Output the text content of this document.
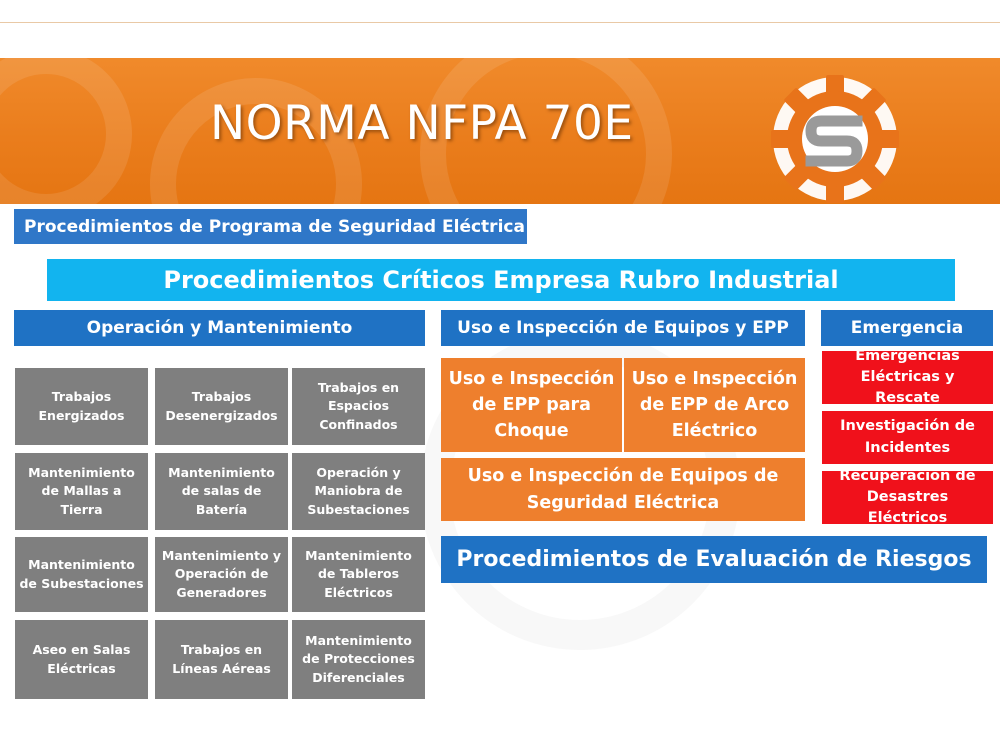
NORMA NFPA 70E
Procedimientos de Programa de Seguridad Eléctrica
Procedimientos Críticos Empresa Rubro Industrial
Operación y Mantenimiento	Uso e Inspección de Equipos y EPP	Emergencia
Trabajos Energizados
Trabajos Desenergizados
Trabajos en Espacios Confinados
Mantenimiento de Mallas a Tierra
Mantenimiento de salas de Batería
Operación y Maniobra de Subestaciones
Mantenimiento de Subestaciones
Mantenimiento y Operación de Generadores
Mantenimiento de Tableros Eléctricos
Aseo en Salas Eléctricas
Trabajos en Líneas Aéreas
Mantenimiento de Protecciones Diferenciales
Uso e Inspección de EPP para Choque
Uso e Inspección de EPP de Arco Eléctrico
Uso e Inspección de Equipos de Seguridad Eléctrica
Emergencias Eléctricas y Rescate
Investigación de Incidentes
Recuperación de Desastres Eléctricos
Procedimientos de Evaluación de Riesgos
